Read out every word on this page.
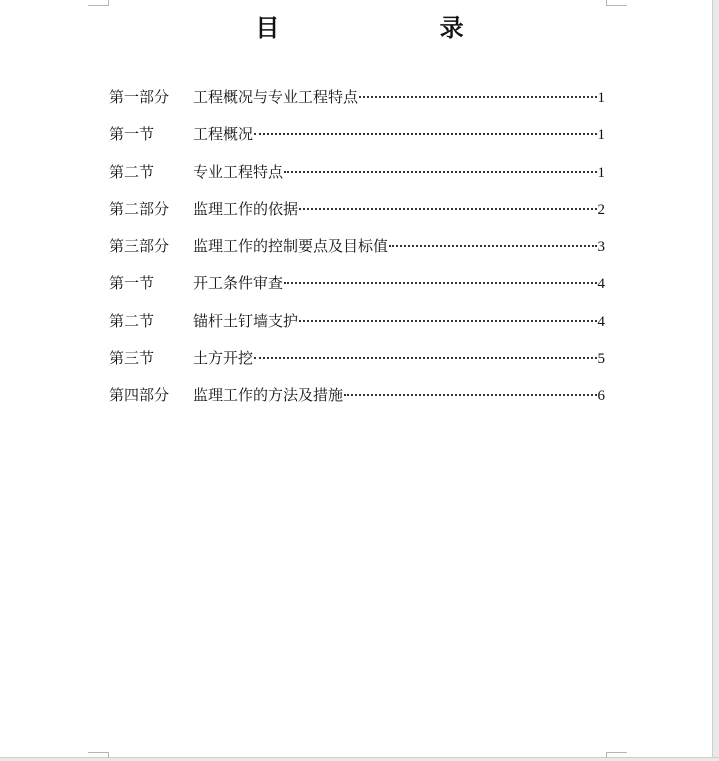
目 录
第一部分	工程概况与专业工程特点	1
第一节	工程概况	1
第二节	专业工程特点	1
第二部分	监理工作的依据	2
第三部分	监理工作的控制要点及目标值	3
第一节	开工条件审查	4
第二节	锚杆土钉墙支护	4
第三节	土方开挖	5
第四部分	监理工作的方法及措施	6
